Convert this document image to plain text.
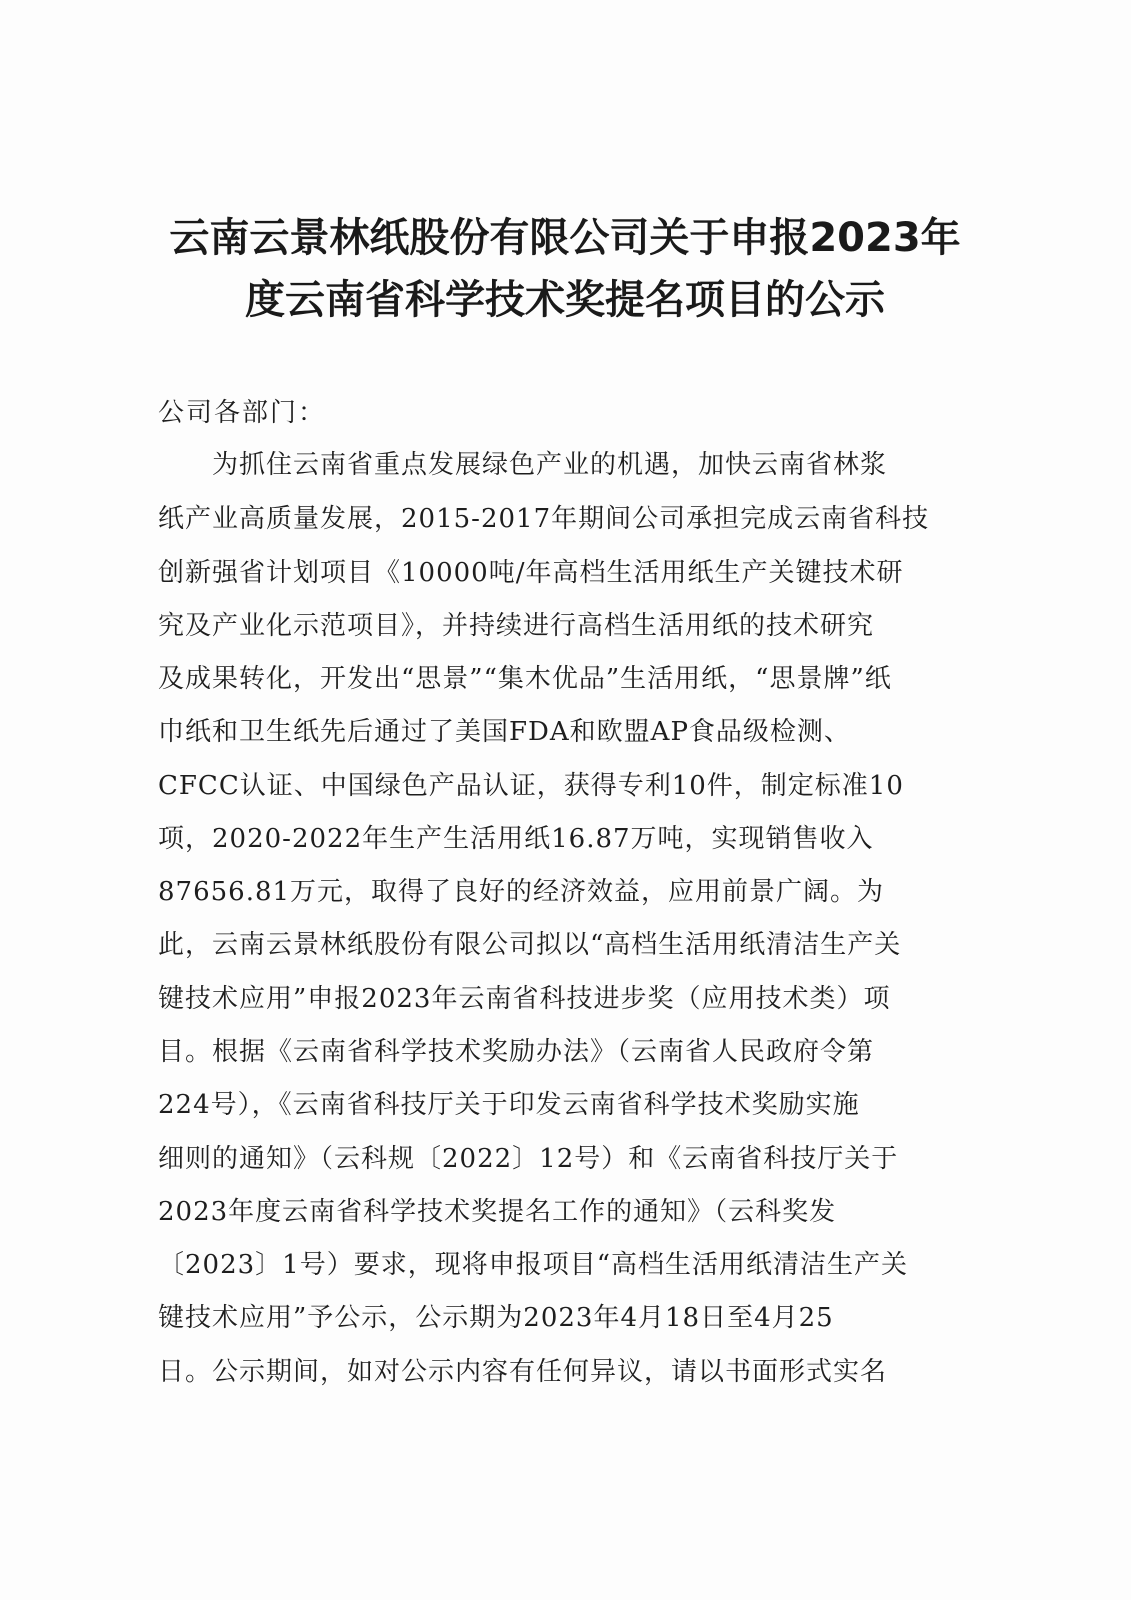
云南云景林纸股份有限公司关于申报2023年
度云南省科学技术奖提名项目的公示
公司各部门：
　　为抓住云南省重点发展绿色产业的机遇，加快云南省林浆
纸产业高质量发展，2015-2017年期间公司承担完成云南省科技
创新强省计划项目《10000吨/年高档生活用纸生产关键技术研
究及产业化示范项目》，并持续进行高档生活用纸的技术研究
及成果转化，开发出“思景”“集木优品”生活用纸，“思景牌”纸
巾纸和卫生纸先后通过了美国FDA和欧盟AP食品级检测、
CFCC认证、中国绿色产品认证，获得专利10件，制定标准10
项，2020-2022年生产生活用纸16.87万吨，实现销售收入
87656.81万元，取得了良好的经济效益，应用前景广阔。为
此，云南云景林纸股份有限公司拟以“高档生活用纸清洁生产关
键技术应用”申报2023年云南省科技进步奖（应用技术类）项
目。根据《云南省科学技术奖励办法》（云南省人民政府令第
224号），《云南省科技厅关于印发云南省科学技术奖励实施
细则的通知》（云科规〔2022〕12号）和《云南省科技厅关于
2023年度云南省科学技术奖提名工作的通知》（云科奖发
〔2023〕1号）要求，现将申报项目“高档生活用纸清洁生产关
键技术应用”予公示，公示期为2023年4月18日至4月25
日。公示期间，如对公示内容有任何异议，请以书面形式实名
